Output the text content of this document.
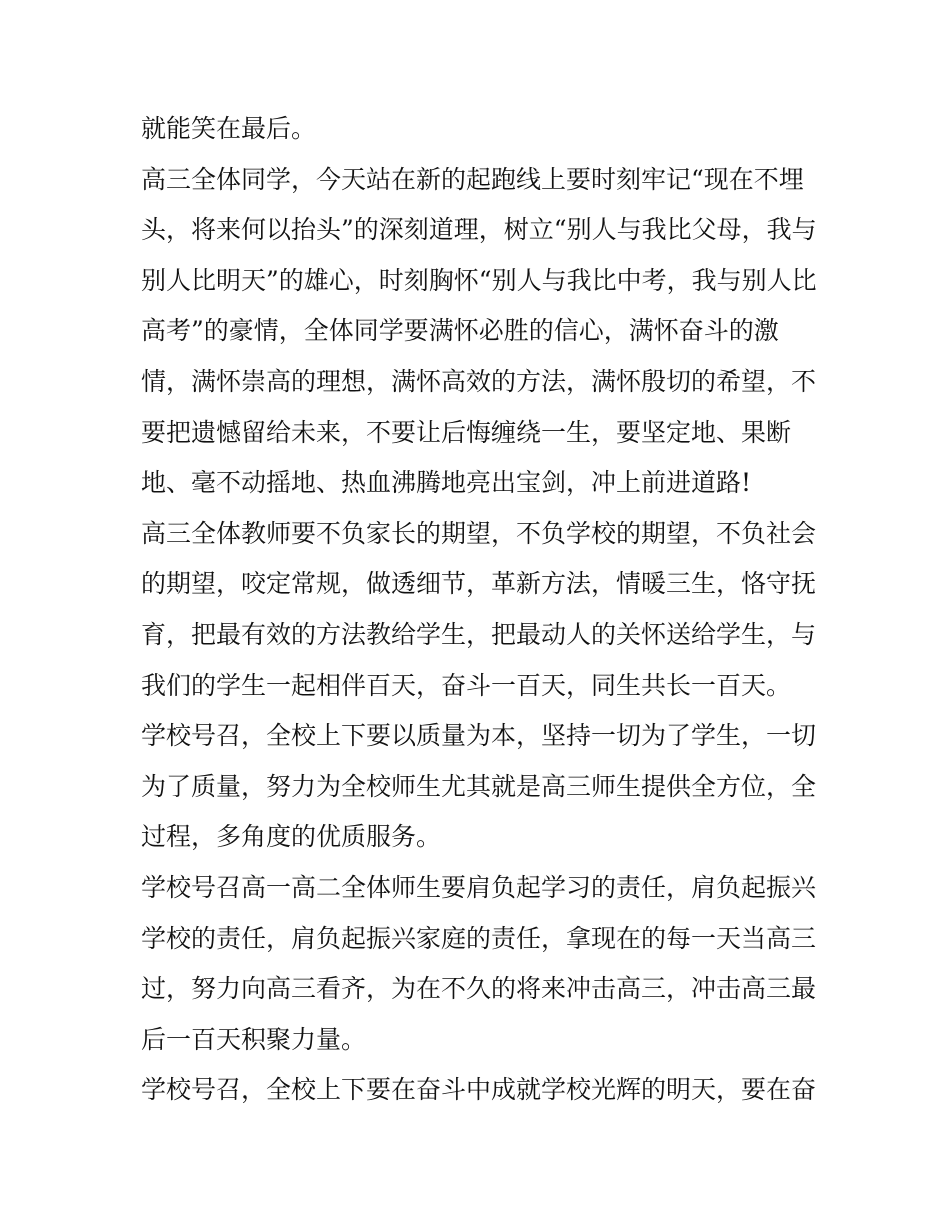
就能笑在最后。
高三全体同学，今天站在新的起跑线上要时刻牢记“现在不埋
头，将来何以抬头”的深刻道理，树立“别人与我比父母，我与
别人比明天”的雄心，时刻胸怀“别人与我比中考，我与别人比
高考”的豪情，全体同学要满怀必胜的信心，满怀奋斗的激
情，满怀崇高的理想，满怀高效的方法，满怀殷切的希望，不
要把遗憾留给未来，不要让后悔缠绕一生，要坚定地、果断
地、毫不动摇地、热血沸腾地亮出宝剑，冲上前进道路!
高三全体教师要不负家长的期望，不负学校的期望，不负社会
的期望，咬定常规，做透细节，革新方法，情暖三生，恪守抚
育，把最有效的方法教给学生，把最动人的关怀送给学生，与
我们的学生一起相伴百天，奋斗一百天，同生共长一百天。
学校号召，全校上下要以质量为本，坚持一切为了学生，一切
为了质量，努力为全校师生尤其就是高三师生提供全方位，全
过程，多角度的优质服务。
学校号召高一高二全体师生要肩负起学习的责任，肩负起振兴
学校的责任，肩负起振兴家庭的责任，拿现在的每一天当高三
过，努力向高三看齐，为在不久的将来冲击高三，冲击高三最
后一百天积聚力量。
学校号召，全校上下要在奋斗中成就学校光辉的明天，要在奋
